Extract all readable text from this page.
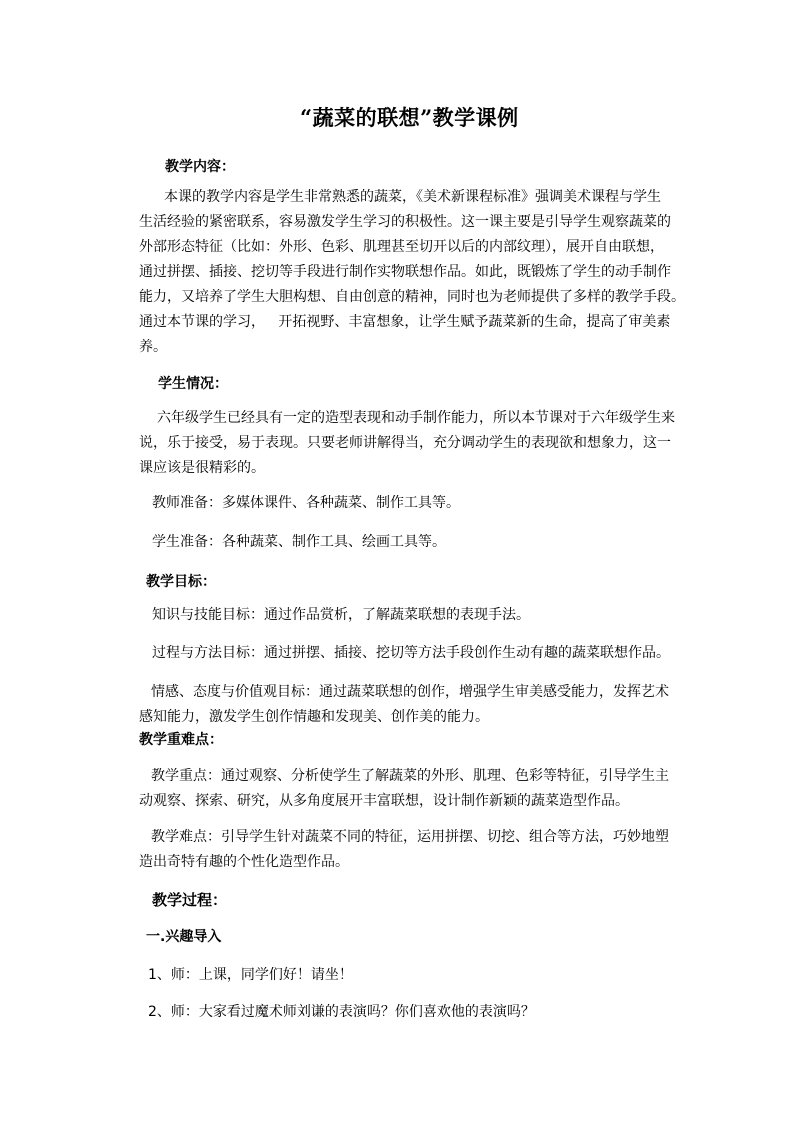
“蔬菜的联想”教学课例
教学内容：
本课的教学内容是学生非常熟悉的蔬菜，《美术新课程标准》强调美术课程与学生
生活经验的紧密联系，容易激发学生学习的积极性。这一课主要是引导学生观察蔬菜的
外部形态特征（比如：外形、色彩、肌理甚至切开以后的内部纹理），展开自由联想，
通过拼摆、插接、挖切等手段进行制作实物联想作品。如此，既锻炼了学生的动手制作
能力，又培养了学生大胆构想、自由创意的精神，同时也为老师提供了多样的教学手段。
通过本节课的学习，   开拓视野、丰富想象，让学生赋予蔬菜新的生命，提高了审美素
养。
学生情况：
六年级学生已经具有一定的造型表现和动手制作能力，所以本节课对于六年级学生来
说，乐于接受，易于表现。只要老师讲解得当，充分调动学生的表现欲和想象力，这一
课应该是很精彩的。
教师准备：多媒体课件、各种蔬菜、制作工具等。
学生准备：各种蔬菜、制作工具、绘画工具等。
教学目标：
知识与技能目标：通过作品赏析，了解蔬菜联想的表现手法。
过程与方法目标：通过拼摆、插接、挖切等方法手段创作生动有趣的蔬菜联想作品。
情感、态度与价值观目标：通过蔬菜联想的创作，增强学生审美感受能力，发挥艺术
感知能力，激发学生创作情趣和发现美、创作美的能力。
教学重难点：
教学重点：通过观察、分析使学生了解蔬菜的外形、肌理、色彩等特征，引导学生主
动观察、探索、研究，从多角度展开丰富联想，设计制作新颖的蔬菜造型作品。
教学难点：引导学生针对蔬菜不同的特征，运用拼摆、切挖、组合等方法，巧妙地塑
造出奇特有趣的个性化造型作品。
教学过程：
一.兴趣导入
1、师：上课，同学们好！请坐！
2、师：大家看过魔术师刘谦的表演吗？你们喜欢他的表演吗？
